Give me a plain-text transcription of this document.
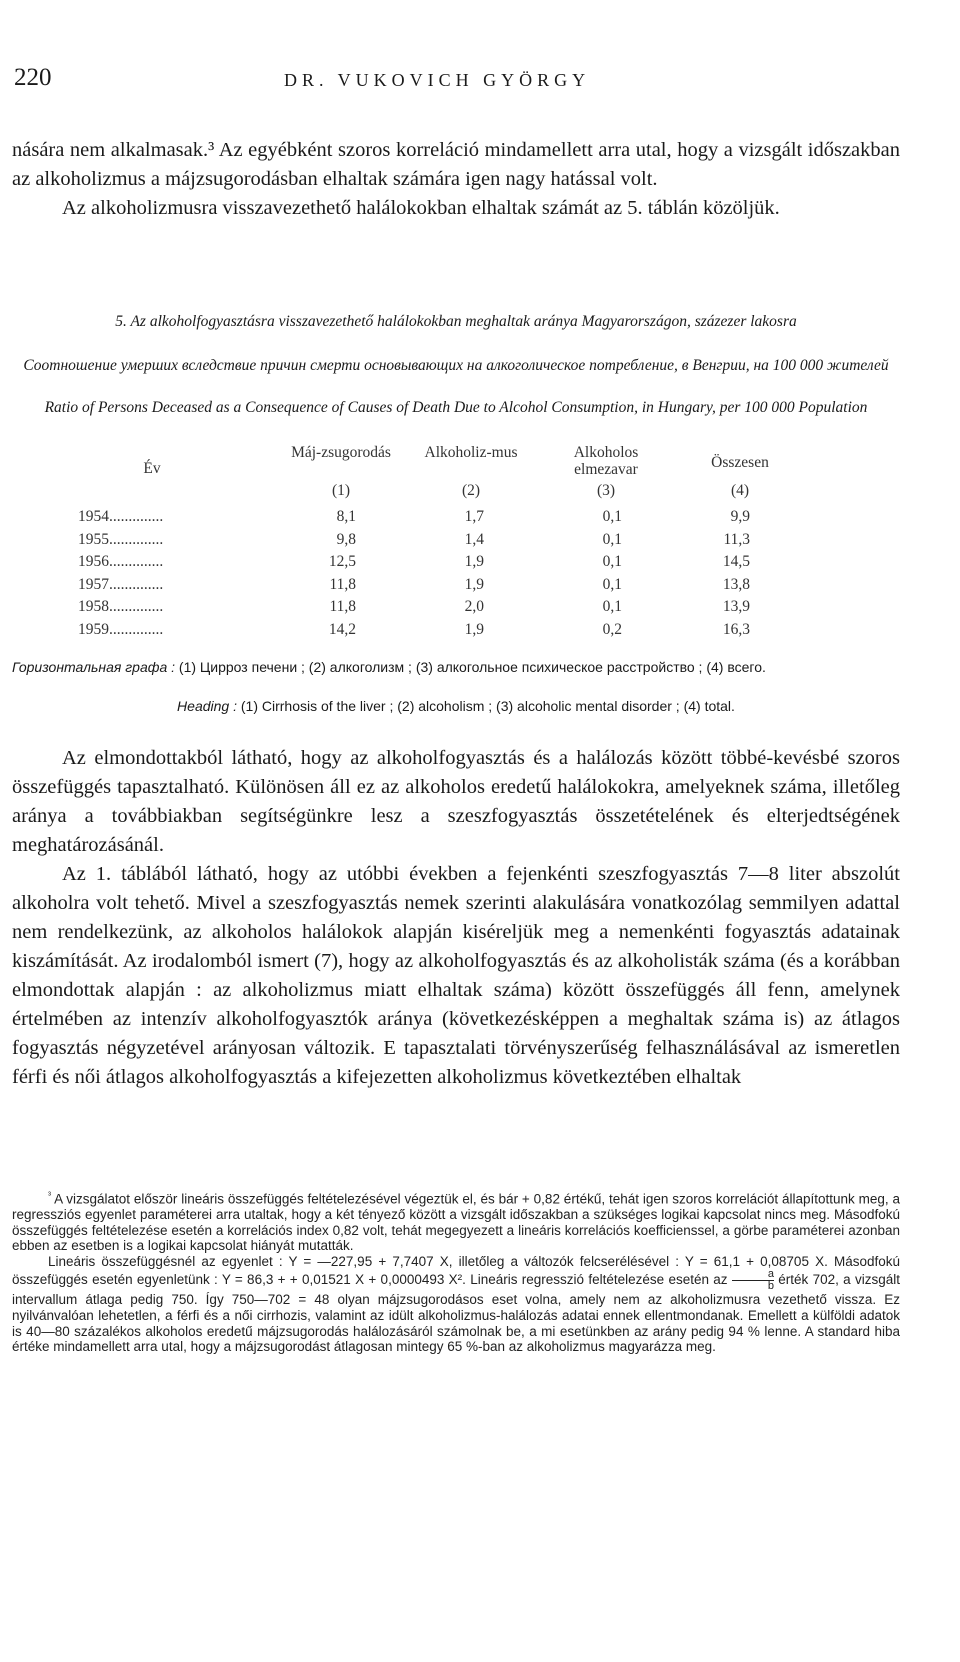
220	DR. VUKOVICH GYÖRGY

nására nem alkalmasak.³ Az egyébként szoros korreláció mindamellett arra utal, hogy a vizsgált időszakban az alkoholizmus a májzsugorodásban elhaltak számára igen nagy hatással volt.

Az alkoholizmusra visszavezethető halálokokban elhaltak számát az 5. táblán közöljük.

5. Az alkoholfogyasztásra visszavezethető halálokokban meghaltak aránya Magyarországon, százezer lakosra

Соотношение умерших вследствие причин смерти основывающих на алкоголическое потребление, в Венгрии, на 100 000 жителей

Ratio of Persons Deceased as a Consequence of Causes of Death Due to Alcohol Consumption, in Hungary, per 100 000 Population

Év
Máj-zsugorodás	Alkoholiz-mus	Alkoholos elmezavar	Összesen
(1)	(2)	(3)	(4)
1954..............	8,1	1,7	0,1	9,9
1955..............	9,8	1,4	0,1	11,3
1956..............	12,5	1,9	0,1	14,5
1957..............	11,8	1,9	0,1	13,8
1958..............	11,8	2,0	0,1	13,9
1959..............	14,2	1,9	0,2	16,3

Горизонтальная графа : (1) Цирроз печени ; (2) алкоголизм ; (3) алкогольное психическое расстройство ; (4) всего.

Heading : (1) Cirrhosis of the liver ; (2) alcoholism ; (3) alcoholic mental disorder ; (4) total.

Az elmondottakból látható, hogy az alkoholfogyasztás és a halálozás között többé-kevésbé szoros összefüggés tapasztalható. Különösen áll ez az alkoholos eredetű halálokokra, amelyeknek száma, illetőleg aránya a továbbiakban segítségünkre lesz a szeszfogyasztás összetételének és elterjedtségének meghatározásánál.

Az 1. táblából látható, hogy az utóbbi években a fejenkénti szeszfogyasztás 7—8 liter abszolút alkoholra volt tehető. Mivel a szeszfogyasztás nemek szerinti alakulására vonatkozólag semmilyen adattal nem rendelkezünk, az alkoholos halálokok alapján kiséreljük meg a nemenkénti fogyasztás adatainak kiszámítását. Az irodalomból ismert (7), hogy az alkoholfogyasztás és az alkoholisták száma (és a korábban elmondottak alapján : az alkoholizmus miatt elhaltak száma) között összefüggés áll fenn, amelynek értelmében az intenzív alkoholfogyasztók aránya (következésképpen a meghaltak száma is) az átlagos fogyasztás négyzetével arányosan változik. E tapasztalati törvényszerűség felhasználásával az ismeretlen férfi és női átlagos alkoholfogyasztás a kifejezetten alkoholizmus következtében elhaltak

$^{^3}$ A vizsgálatot először lineáris összefüggés feltételezésével végeztük el, és bár + 0,82 értékű, tehát igen szoros korrelációt állapítottunk meg, a regressziós egyenlet paraméterei arra utaltak, hogy a két tényező között a vizsgált időszakban a szükséges logikai kapcsolat nincs meg. Másodfokú összefüggés feltételezése esetén a korrelációs index 0,82 volt, tehát megegyezett a lineáris korrelációs koefficienssel, a görbe paraméterei azonban ebben az esetben is a logikai kapcsolat hiányát mutatták.

Lineáris összefüggésnél az egyenlet : Y = —227,95 + 7,7407 X, illetőleg a változók felcserélésével : Y = 61,1 + 0,08705 X. Másodfokú összefüggés esetén egyenletünk : Y = 86,3 + + 0,01521 X + 0,0000493 X². Lineáris regresszió feltételezése esetén az $\frac{a}{b}$ érték 702, a vizsgált intervallum átlaga pedig 750. Így 750—702 = 48 olyan májzsugorodásos eset volna, amely nem az alkoholizmusra vezethető vissza. Ez nyilvánvalóan lehetetlen, a férfi és a női cirrhozis, valamint az idült alkoholizmus-halálozás adatai ennek ellentmondanak. Emellett a külföldi adatok is 40—80 százalékos alkoholos eredetű májzsugorodás halálozásáról számolnak be, a mi esetünkben az arány pedig 94 % lenne. A standard hiba értéke mindamellett arra utal, hogy a májzsugorodást átlagosan mintegy 65 %-ban az alkoholizmus magyarázza meg.
